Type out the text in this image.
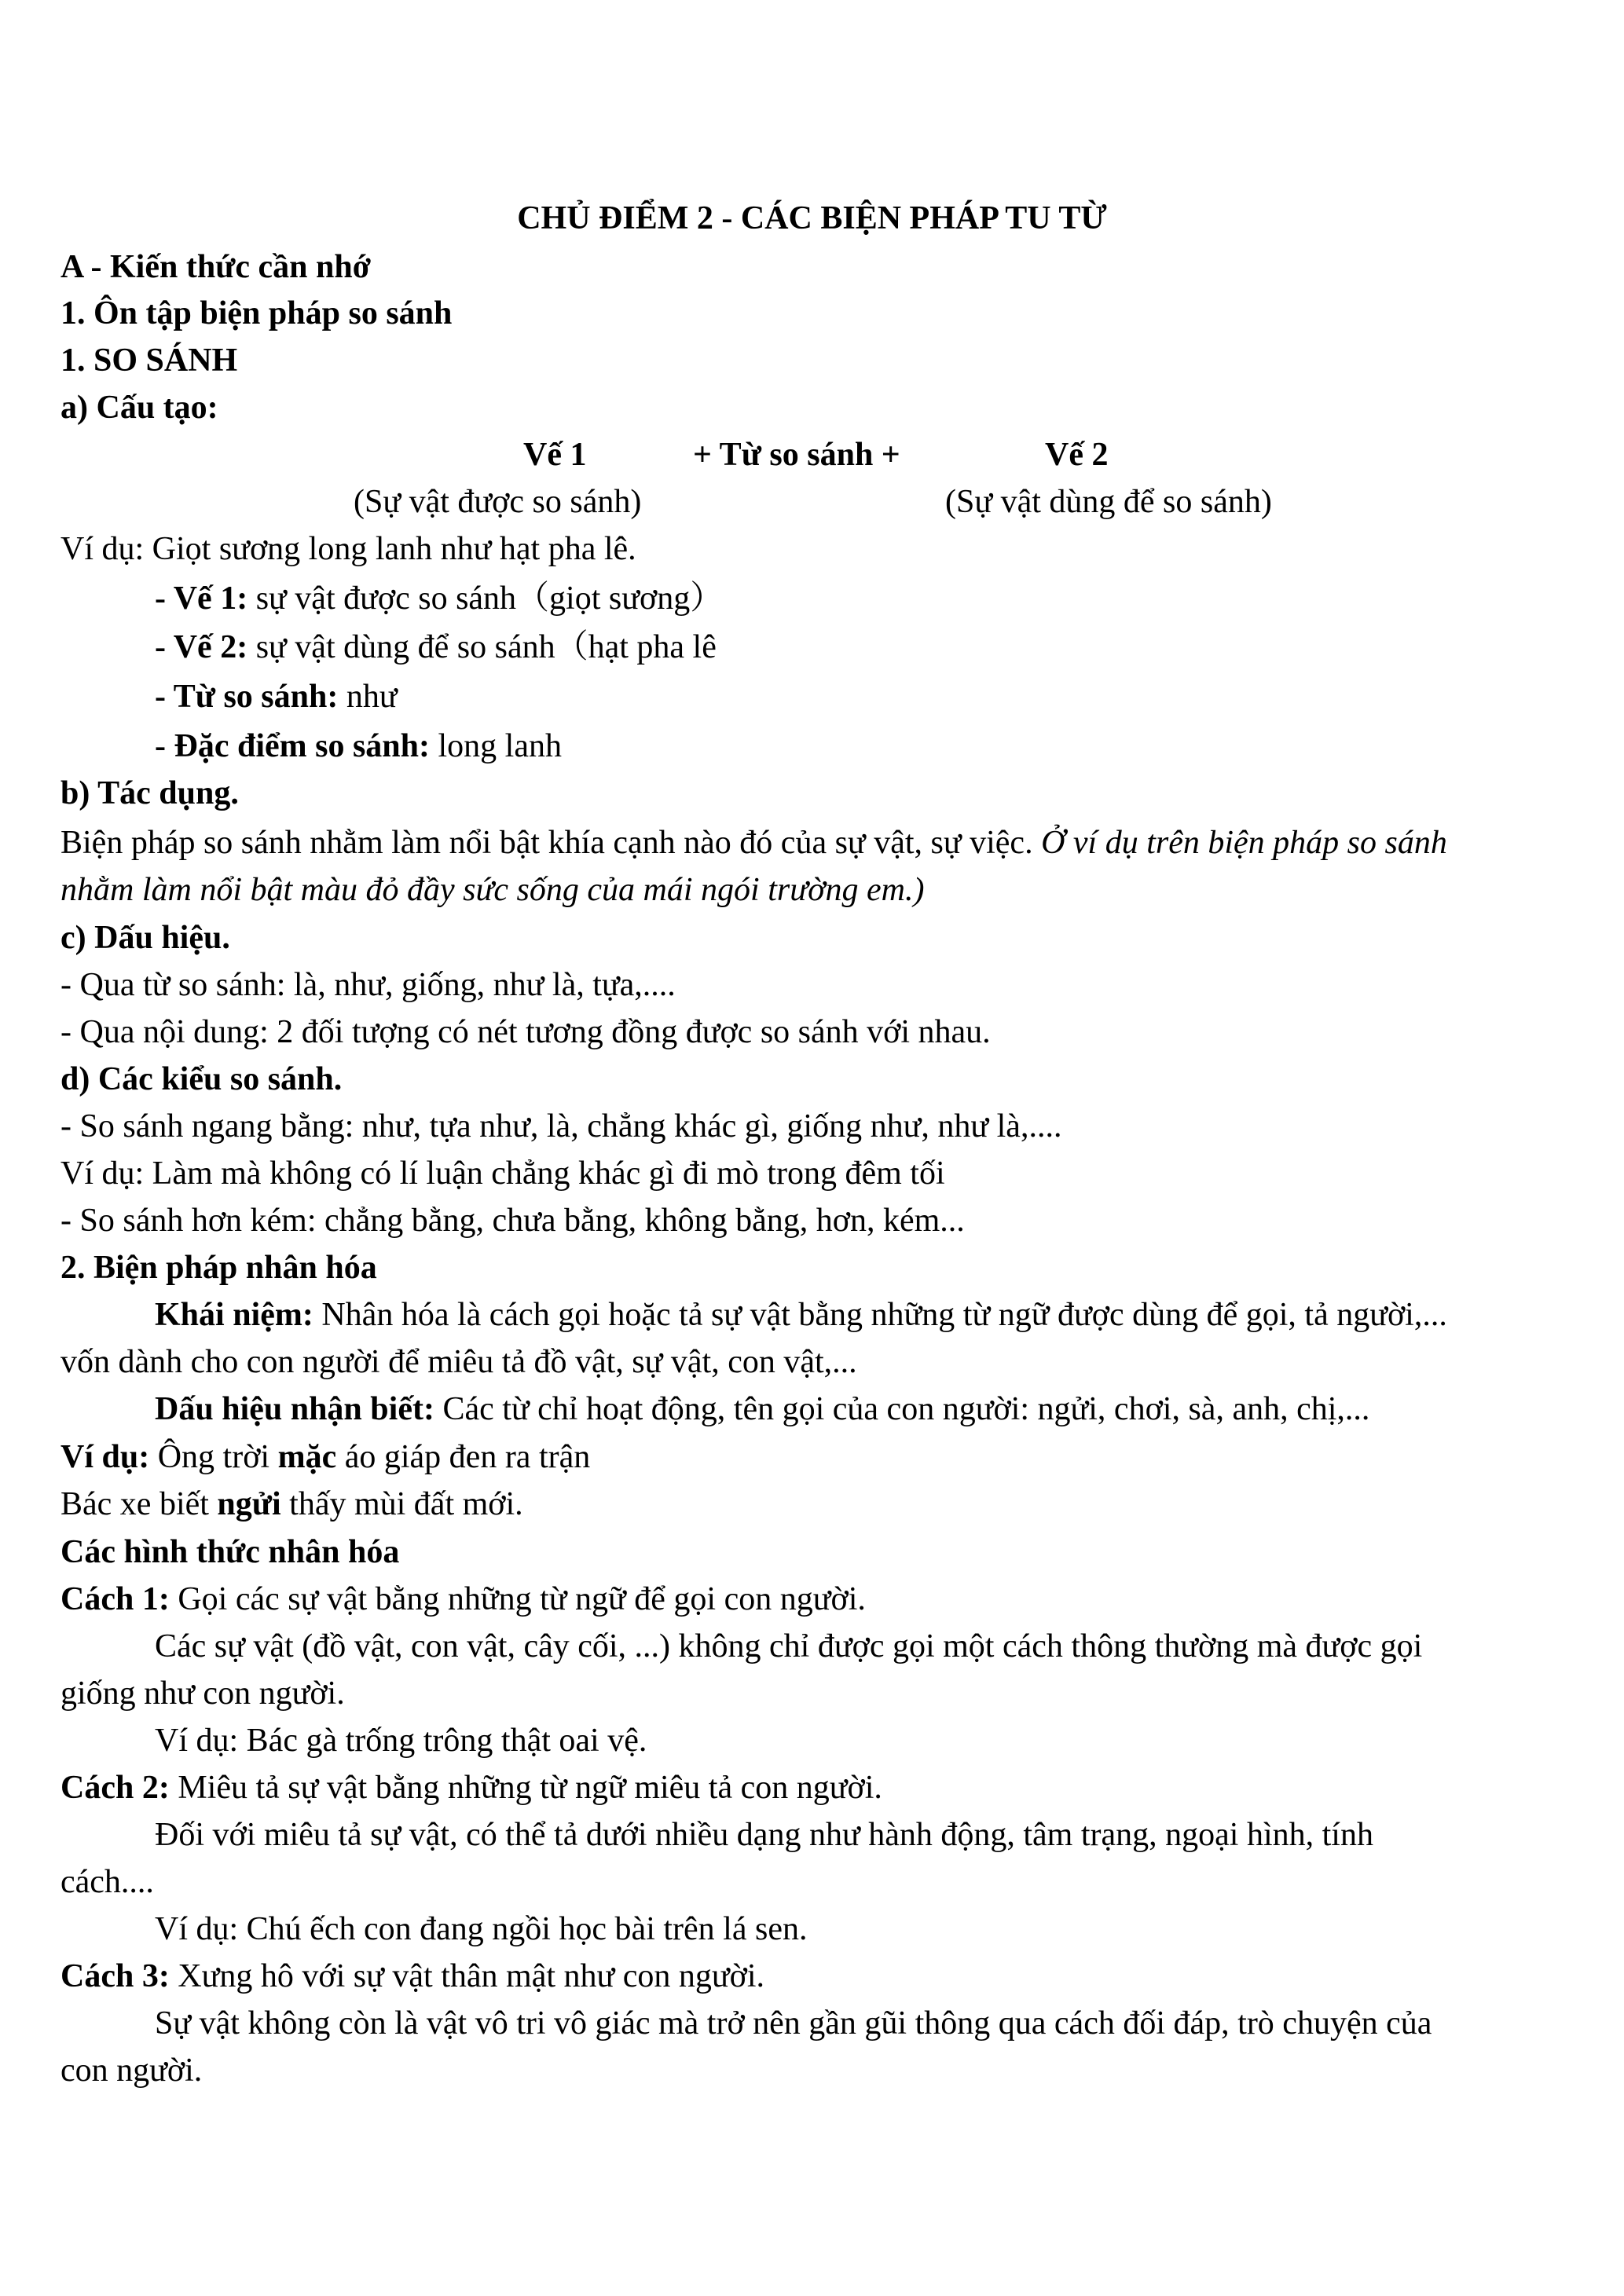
CHỦ ĐIỂM 2 - CÁC BIỆN PHÁP TU TỪ
A - Kiến thức cần nhớ
1. Ôn tập biện pháp so sánh
1. SO SÁNH
a) Cấu tạo:
Vế 1	+ Từ so sánh +	Vế 2
(Sự vật được so sánh)	(Sự vật dùng để so sánh)
Ví dụ: Giọt sương long lanh như hạt pha lê.
- Vế 1: sự vật được so sánh（giọt sương）
- Vế 2: sự vật dùng để so sánh（hạt pha lê
- Từ so sánh: như
- Đặc điểm so sánh: long lanh
b) Tác dụng.
Biện pháp so sánh nhằm làm nổi bật khía cạnh nào đó của sự vật, sự việc. Ở ví dụ trên biện pháp so sánh
nhằm làm nổi bật màu đỏ đầy sức sống của mái ngói trường em.)
c) Dấu hiệu.
- Qua từ so sánh: là, như, giống, như là, tựa,....
- Qua nội dung: 2 đối tượng có nét tương đồng được so sánh với nhau.
d) Các kiểu so sánh.
- So sánh ngang bằng: như, tựa như, là, chẳng khác gì, giống như, như là,....
Ví dụ: Làm mà không có lí luận chẳng khác gì đi mò trong đêm tối
- So sánh hơn kém: chẳng bằng, chưa bằng, không bằng, hơn, kém...
2. Biện pháp nhân hóa
Khái niệm: Nhân hóa là cách gọi hoặc tả sự vật bằng những từ ngữ được dùng để gọi, tả người,...
vốn dành cho con người để miêu tả đồ vật, sự vật, con vật,...
Dấu hiệu nhận biết: Các từ chỉ hoạt động, tên gọi của con người: ngửi, chơi, sà, anh, chị,...
Ví dụ: Ông trời mặc áo giáp đen ra trận
Bác xe biết ngửi thấy mùi đất mới.
Các hình thức nhân hóa
Cách 1: Gọi các sự vật bằng những từ ngữ để gọi con người.
Các sự vật (đồ vật, con vật, cây cối, ...) không chỉ được gọi một cách thông thường mà được gọi
giống như con người.
Ví dụ: Bác gà trống trông thật oai vệ.
Cách 2: Miêu tả sự vật bằng những từ ngữ miêu tả con người.
Đối với miêu tả sự vật, có thể tả dưới nhiều dạng như hành động, tâm trạng, ngoại hình, tính
cách....
Ví dụ: Chú ếch con đang ngồi học bài trên lá sen.
Cách 3: Xưng hô với sự vật thân mật như con người.
Sự vật không còn là vật vô tri vô giác mà trở nên gần gũi thông qua cách đối đáp, trò chuyện của
con người.
